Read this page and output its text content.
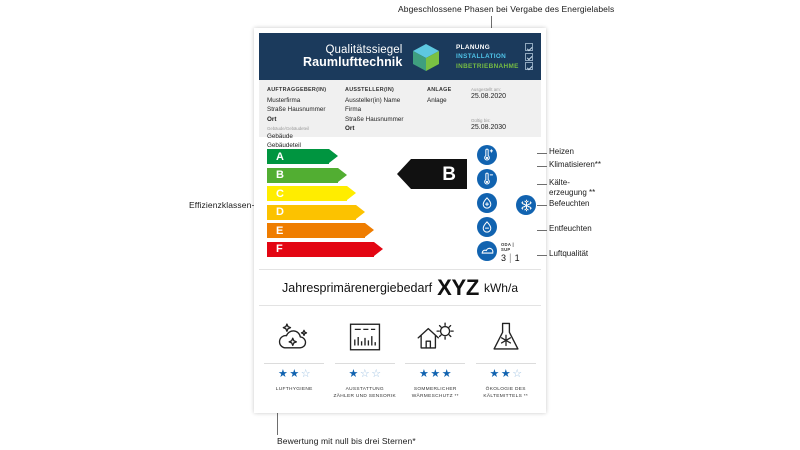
Abgeschlossene Phasen bei Vergabe des Energielabels
Effizienzklassen
Bewertung mit null bis drei Sternen*
Qualitätssiegel
Raumlufttechnik
PLANUNG
INSTALLATION
INBETRIEBNAHME
AUFTRAGGEBER(IN)
Musterfirma
Straße Hausnummer
Ort
Gebäude/Gebäudeteil
Gebäude
Gebäudeteil
AUSSTELLER(IN)
Aussteller(in) Name
Firma
Straße Hausnummer
Ort
ANLAGE
Anlage
Ausgestellt am:
25.08.2020
Gültig bis:
25.08.2030
A
B
C
D
E
F
B
ODA | SUP
3 | 1
Heizen
Klimatisieren**
Kälte-
erzeugung **
Befeuchten
Entfeuchten
Luftqualität
Jahresprimärenergiebedarf XYZ kWh/a
★ ★ ☆
LUFTHYGIENE
★ ☆ ☆
AUSSTATTUNG
ZÄHLER UND SENSORIK
★ ★ ★
SOMMERLICHER
WÄRMESCHUTZ **
★ ★ ☆
ÖKOLOGIE DES
KÄLTEMITTELS **
